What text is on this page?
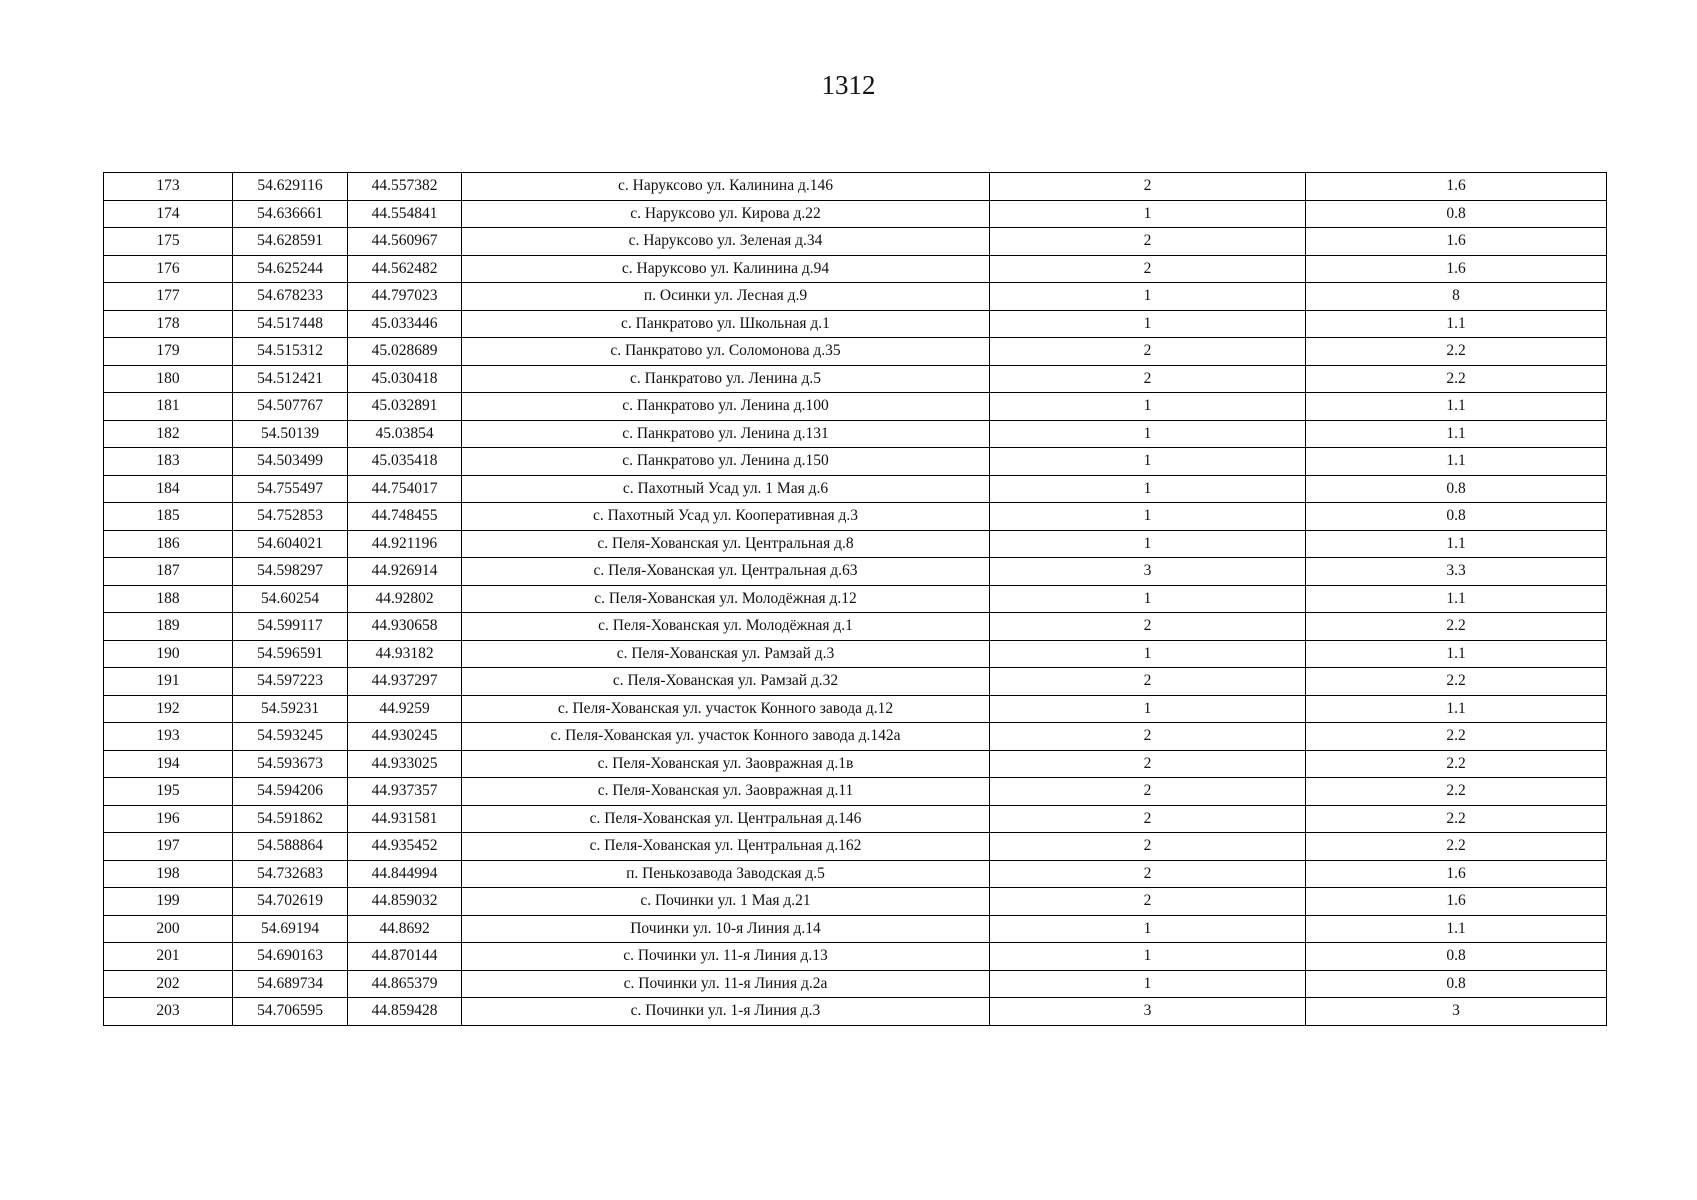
1312
173	54.629116	44.557382	с. Наруксово ул. Калинина д.146	2	1.6
174	54.636661	44.554841	с. Наруксово ул. Кирова д.22	1	0.8
175	54.628591	44.560967	с. Наруксово ул. Зеленая д.34	2	1.6
176	54.625244	44.562482	с. Наруксово ул. Калинина д.94	2	1.6
177	54.678233	44.797023	п. Осинки ул. Лесная д.9	1	8
178	54.517448	45.033446	с. Панкратово ул. Школьная д.1	1	1.1
179	54.515312	45.028689	с. Панкратово ул. Соломонова д.35	2	2.2
180	54.512421	45.030418	с. Панкратово ул. Ленина д.5	2	2.2
181	54.507767	45.032891	с. Панкратово ул. Ленина д.100	1	1.1
182	54.50139	45.03854	с. Панкратово ул. Ленина д.131	1	1.1
183	54.503499	45.035418	с. Панкратово ул. Ленина д.150	1	1.1
184	54.755497	44.754017	с. Пахотный Усад ул. 1 Мая д.6	1	0.8
185	54.752853	44.748455	с. Пахотный Усад ул. Кооперативная д.3	1	0.8
186	54.604021	44.921196	с. Пеля-Хованская ул. Центральная д.8	1	1.1
187	54.598297	44.926914	с. Пеля-Хованская ул. Центральная д.63	3	3.3
188	54.60254	44.92802	с. Пеля-Хованская ул. Молодёжная д.12	1	1.1
189	54.599117	44.930658	с. Пеля-Хованская ул. Молодёжная д.1	2	2.2
190	54.596591	44.93182	с. Пеля-Хованская ул. Рамзай д.3	1	1.1
191	54.597223	44.937297	с. Пеля-Хованская ул. Рамзай д.32	2	2.2
192	54.59231	44.9259	с. Пеля-Хованская ул. участок Конного завода д.12	1	1.1
193	54.593245	44.930245	с. Пеля-Хованская ул. участок Конного завода д.142а	2	2.2
194	54.593673	44.933025	с. Пеля-Хованская ул. Заовражная д.1в	2	2.2
195	54.594206	44.937357	с. Пеля-Хованская ул. Заовражная д.11	2	2.2
196	54.591862	44.931581	с. Пеля-Хованская ул. Центральная д.146	2	2.2
197	54.588864	44.935452	с. Пеля-Хованская ул. Центральная д.162	2	2.2
198	54.732683	44.844994	п. Пенькозавода Заводская д.5	2	1.6
199	54.702619	44.859032	с. Починки ул. 1 Мая д.21	2	1.6
200	54.69194	44.8692	Починки ул. 10-я Линия д.14	1	1.1
201	54.690163	44.870144	с. Починки ул. 11-я Линия д.13	1	0.8
202	54.689734	44.865379	с. Починки ул. 11-я Линия д.2а	1	0.8
203	54.706595	44.859428	с. Починки ул. 1-я Линия д.3	3	3
